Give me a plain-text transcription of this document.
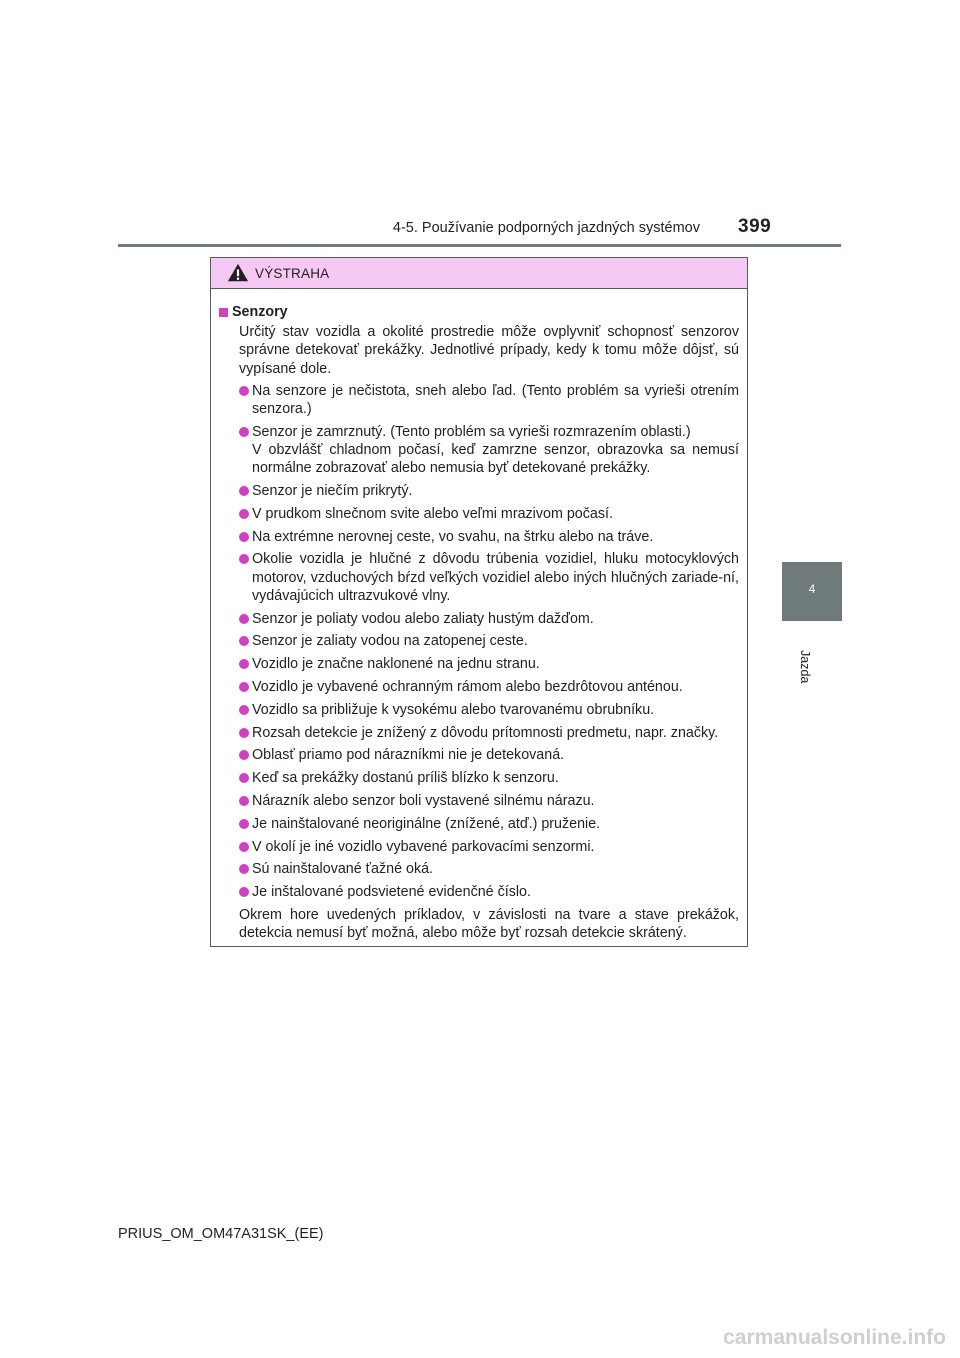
4-5. Používanie podporných jazdných systémov 399
4
Jazda
VÝSTRAHA
Senzory
Určitý stav vozidla a okolité prostredie môže ovplyvniť schopnosť senzorov správne detekovať prekážky. Jednotlivé prípady, kedy k tomu môže dôjsť, sú vypísané dole.
Na senzore je nečistota, sneh alebo ľad. (Tento problém sa vyrieši otrením senzora.)
Senzor je zamrznutý. (Tento problém sa vyrieši rozmrazením oblasti.)
V obzvlášť chladnom počasí, keď zamrzne senzor, obrazovka sa nemusí normálne zobrazovať alebo nemusia byť detekované prekážky.
Senzor je niečím prikrytý.
V prudkom slnečnom svite alebo veľmi mrazivom počasí.
Na extrémne nerovnej ceste, vo svahu, na štrku alebo na tráve.
Okolie vozidla je hlučné z dôvodu trúbenia vozidiel, hluku motocyklových motorov, vzduchových bŕzd veľkých vozidiel alebo iných hlučných zariade-ní, vydávajúcich ultrazvukové vlny.
Senzor je poliaty vodou alebo zaliaty hustým dažďom.
Senzor je zaliaty vodou na zatopenej ceste.
Vozidlo je značne naklonené na jednu stranu.
Vozidlo je vybavené ochranným rámom alebo bezdrôtovou anténou.
Vozidlo sa približuje k vysokému alebo tvarovanému obrubníku.
Rozsah detekcie je znížený z dôvodu prítomnosti predmetu, napr. značky.
Oblasť priamo pod nárazníkmi nie je detekovaná.
Keď sa prekážky dostanú príliš blízko k senzoru.
Nárazník alebo senzor boli vystavené silnému nárazu.
Je nainštalované neoriginálne (znížené, atď.) pruženie.
V okolí je iné vozidlo vybavené parkovacími senzormi.
Sú nainštalované ťažné oká.
Je inštalované podsvietené evidenčné číslo.
Okrem hore uvedených príkladov, v závislosti na tvare a stave prekážok, detekcia nemusí byť možná, alebo môže byť rozsah detekcie skrátený.
PRIUS_OM_OM47A31SK_(EE)
carmanualsonline.info
